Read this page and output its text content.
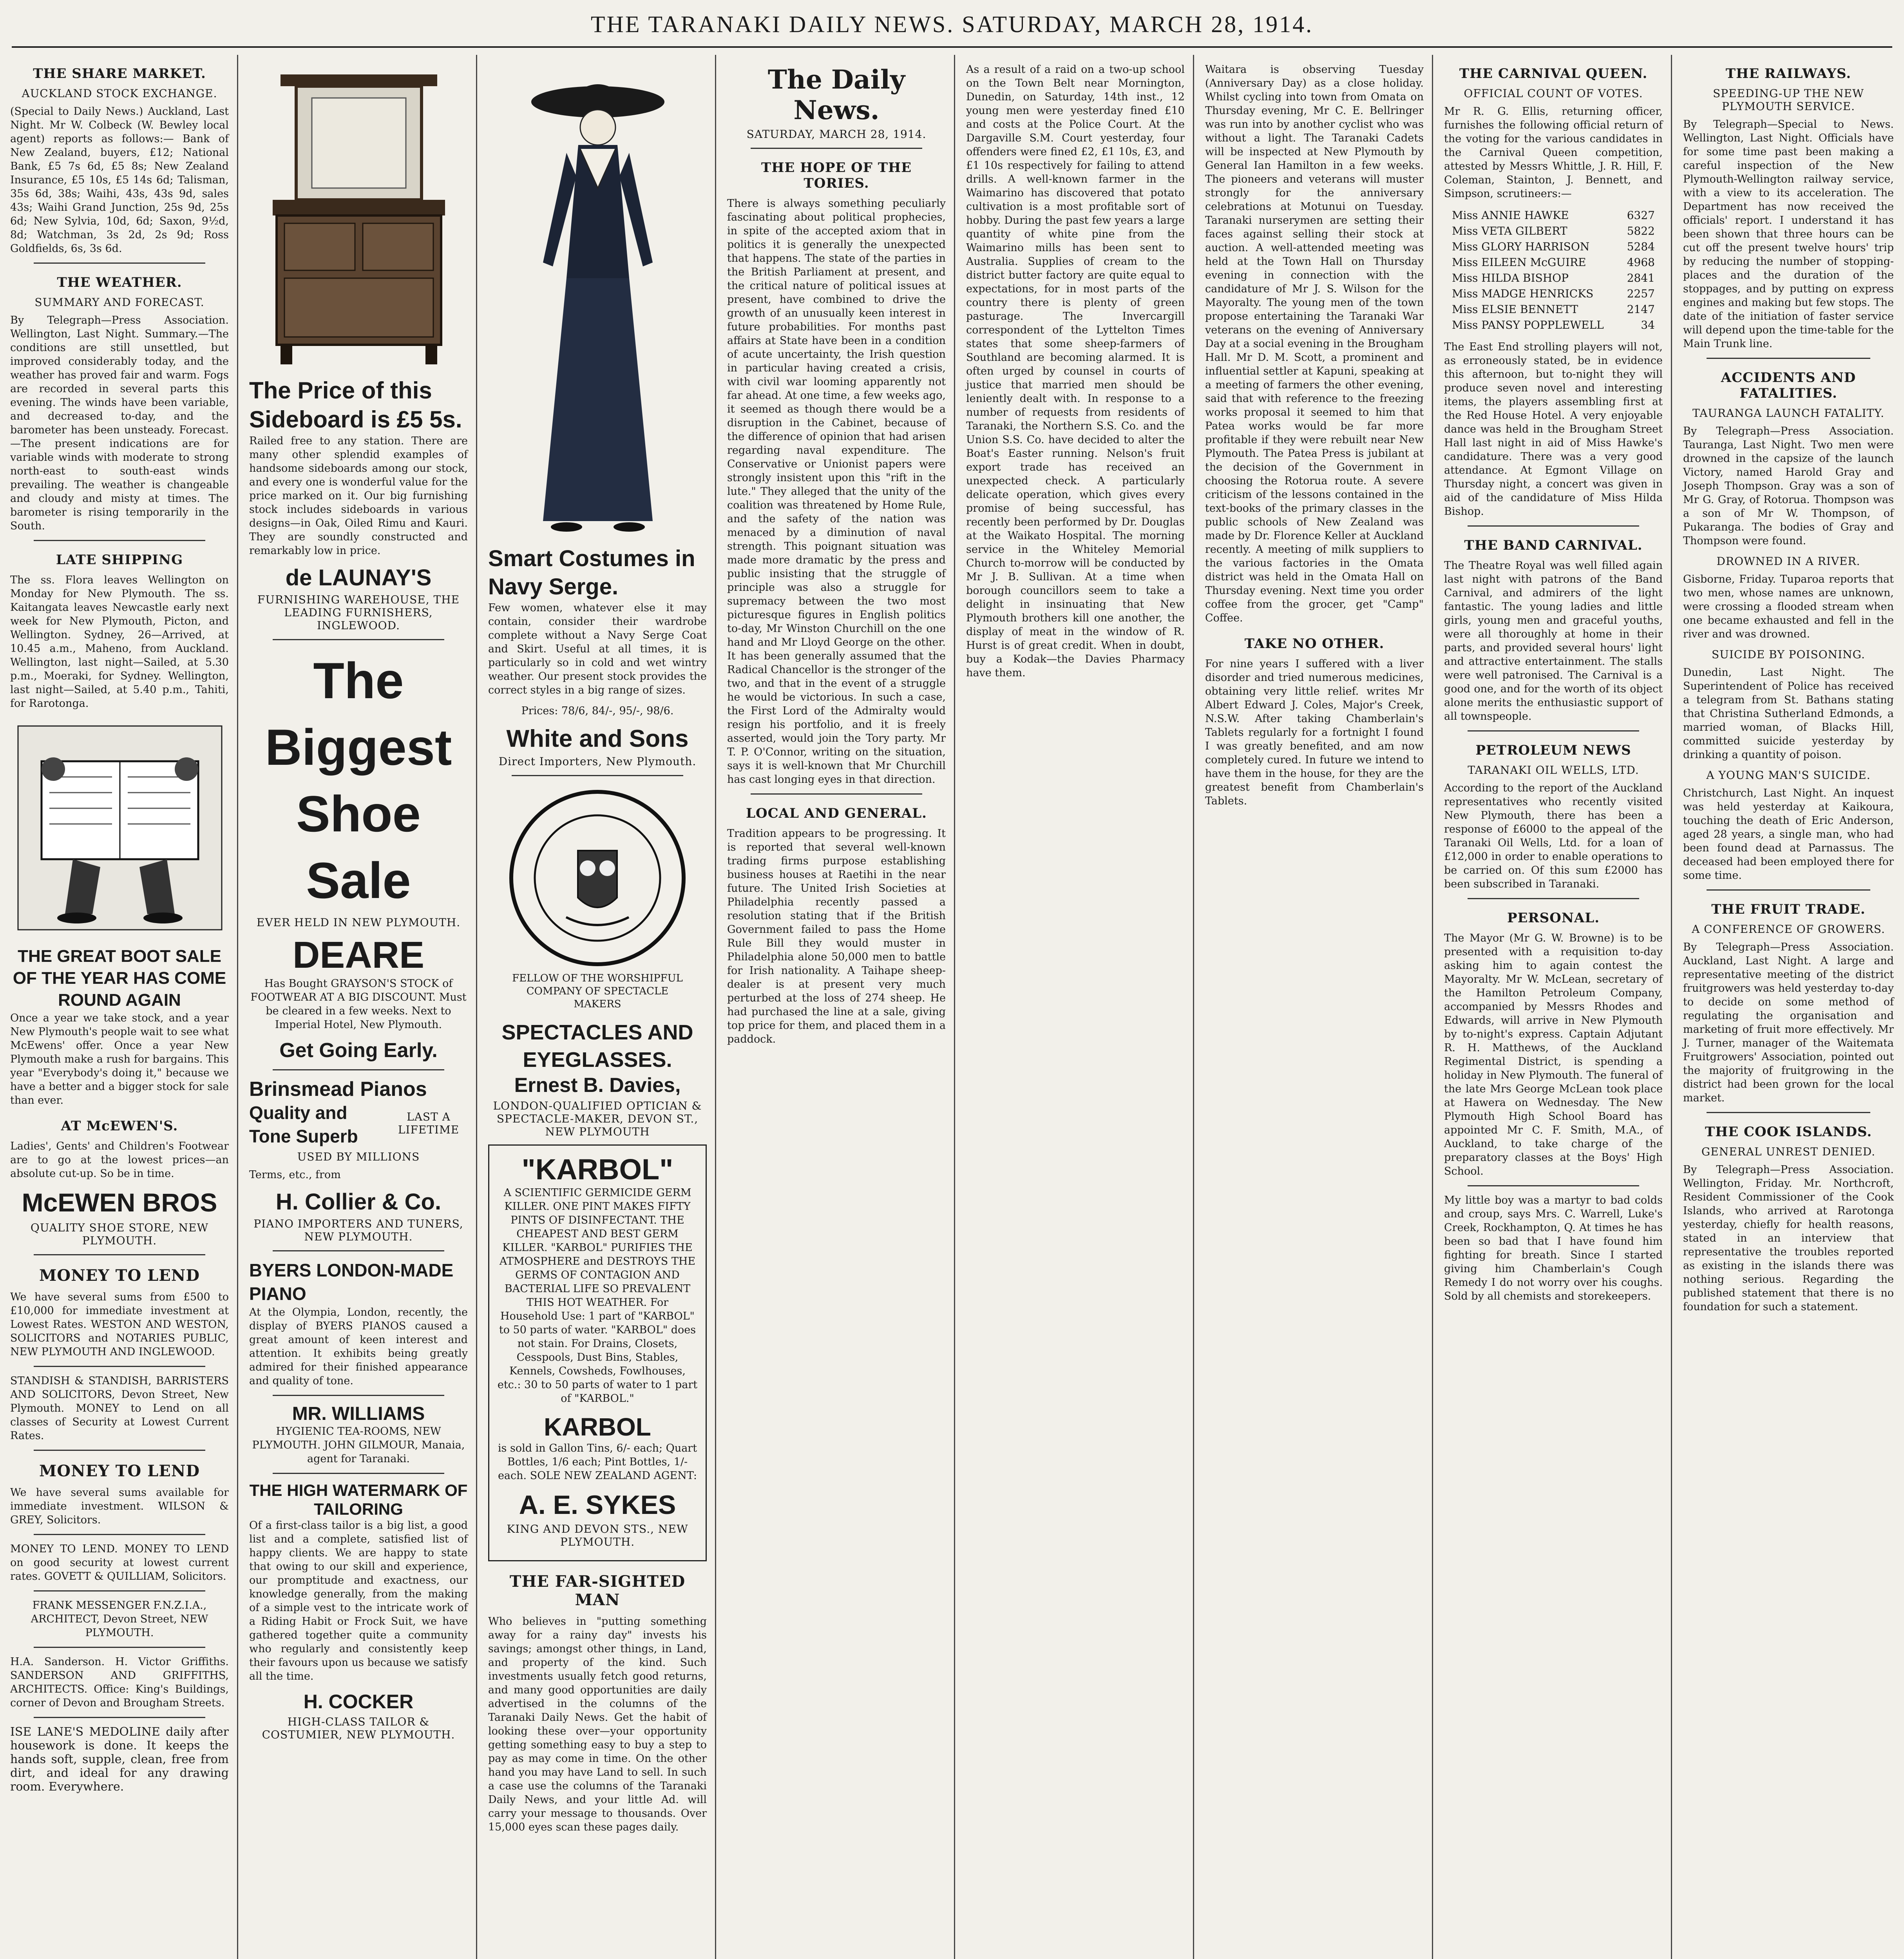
THE TARANAKI DAILY NEWS. SATURDAY, MARCH 28, 1914.
THE SHARE MARKET.
AUCKLAND STOCK EXCHANGE.

(Special to Daily News.) Auckland, Last Night. Mr W. Colbeck (W. Bewley local agent) reports as follows:— Bank of New Zealand, buyers, £12; National Bank, £5 7s 6d, £5 8s; New Zealand Insurance, £5 10s, £5 14s 6d; Talisman, 35s 6d, 38s; Waihi, 43s, 43s 9d, sales 43s; Waihi Grand Junction, 25s 9d, 25s 6d; New Sylvia, 10d, 6d; Saxon, 9½d, 8d; Watchman, 3s 2d, 2s 9d; Ross Goldfields, 6s, 3s 6d.

THE WEATHER.
SUMMARY AND FORECAST.

By Telegraph—Press Association. Wellington, Last Night. Summary.—The conditions are still unsettled, but improved considerably today, and the weather has proved fair and warm. Fogs are recorded in several parts this evening. The winds have been variable, and decreased to-day, and the barometer has been unsteady. Forecast.—The present indications are for variable winds with moderate to strong north-east to south-east winds prevailing. The weather is changeable and cloudy and misty at times. The barometer is rising temporarily in the South.

LATE SHIPPING

The ss. Flora leaves Wellington on Monday for New Plymouth. The ss. Kaitangata leaves Newcastle early next week for New Plymouth, Picton, and Wellington. Sydney, 26—Arrived, at 10.45 a.m., Maheno, from Auckland. Wellington, last night—Sailed, at 5.30 p.m., Moeraki, for Sydney. Wellington, last night—Sailed, at 5.40 p.m., Tahiti, for Rarotonga.

THE GREAT BOOT SALE OF THE YEAR HAS COME ROUND AGAIN

Once a year we take stock, and a year New Plymouth's people wait to see what McEwens' offer. Once a year New Plymouth make a rush for bargains. This year "Everybody's doing it," because we have a better and a bigger stock for sale than ever.

AT McEWEN'S.

Ladies', Gents' and Children's Footwear are to go at the lowest prices—an absolute cut-up. So be in time.

McEWEN BROS
QUALITY SHOE STORE, NEW PLYMOUTH.
MONEY TO LEND

We have several sums from £500 to £10,000 for immediate investment at Lowest Rates. WESTON AND WESTON, SOLICITORS and NOTARIES PUBLIC, NEW PLYMOUTH AND INGLEWOOD.

STANDISH & STANDISH, BARRISTERS AND SOLICITORS, Devon Street, New Plymouth. MONEY to Lend on all classes of Security at Lowest Current Rates.

MONEY TO LEND

We have several sums available for immediate investment. WILSON & GREY, Solicitors.

MONEY TO LEND. MONEY TO LEND on good security at lowest current rates. GOVETT & QUILLIAM, Solicitors.

FRANK MESSENGER F.N.Z.I.A., ARCHITECT, Devon Street, NEW PLYMOUTH.

H.A. Sanderson. H. Victor Griffiths. SANDERSON AND GRIFFITHS, ARCHITECTS. Office: King's Buildings, corner of Devon and Brougham Streets.

ISE LANE'S MEDOLINE daily after housework is done. It keeps the hands soft, supple, clean, free from dirt, and ideal for any drawing room. Everywhere.

The Price of this Sideboard is £5 5s.

Railed free to any station. There are many other splendid examples of handsome sideboards among our stock, and every one is wonderful value for the price marked on it. Our big furnishing stock includes sideboards in various designs—in Oak, Oiled Rimu and Kauri. They are soundly constructed and remarkably low in price.

de LAUNAY'S
FURNISHING WAREHOUSE, THE LEADING FURNISHERS, INGLEWOOD.
The Biggest Shoe Sale
EVER HELD IN NEW PLYMOUTH.
DEARE

Has Bought GRAYSON'S STOCK of FOOTWEAR AT A BIG DISCOUNT. Must be cleared in a few weeks. Next to Imperial Hotel, New Plymouth.

Get Going Early.
Brinsmead Pianos
Quality and Tone Superb
LAST A LIFETIME
USED BY MILLIONS
Terms, etc., from
H. Collier & Co.
PIANO IMPORTERS AND TUNERS, NEW PLYMOUTH.
BYERS LONDON-MADE PIANO

At the Olympia, London, recently, the display of BYERS PIANOS caused a great amount of keen interest and attention. It exhibits being greatly admired for their finished appearance and quality of tone.

MR. WILLIAMS

HYGIENIC TEA-ROOMS, NEW PLYMOUTH. JOHN GILMOUR, Manaia, agent for Taranaki.

THE HIGH WATERMARK OF TAILORING

Of a first-class tailor is a big list, a good list and a complete, satisfied list of happy clients. We are happy to state that owing to our skill and experience, our promptitude and exactness, our knowledge generally, from the making of a simple vest to the intricate work of a Riding Habit or Frock Suit, we have gathered together quite a community who regularly and consistently keep their favours upon us because we satisfy all the time.

H. COCKER
HIGH-CLASS TAILOR & COSTUMIER, NEW PLYMOUTH.
Smart Costumes in Navy Serge.

Few women, whatever else it may contain, consider their wardrobe complete without a Navy Serge Coat and Skirt. Useful at all times, it is particularly so in cold and wet wintry weather. Our present stock provides the correct styles in a big range of sizes.

Prices: 78/6, 84/-, 95/-, 98/6.

White and Sons
Direct Importers, New Plymouth.
FELLOW OF THE WORSHIPFUL COMPANY OF SPECTACLE MAKERS
SPECTACLES AND EYEGLASSES.
Ernest B. Davies,
LONDON-QUALIFIED OPTICIAN & SPECTACLE-MAKER, DEVON ST., NEW PLYMOUTH
"KARBOL"

A SCIENTIFIC GERMICIDE GERM KILLER. ONE PINT MAKES FIFTY PINTS OF DISINFECTANT. THE CHEAPEST AND BEST GERM KILLER. "KARBOL" PURIFIES THE ATMOSPHERE and DESTROYS THE GERMS OF CONTAGION AND BACTERIAL LIFE SO PREVALENT THIS HOT WEATHER. For Household Use: 1 part of "KARBOL" to 50 parts of water. "KARBOL" does not stain. For Drains, Closets, Cesspools, Dust Bins, Stables, Kennels, Cowsheds, Fowlhouses, etc.: 30 to 50 parts of water to 1 part of "KARBOL."

KARBOL

is sold in Gallon Tins, 6/- each; Quart Bottles, 1/6 each; Pint Bottles, 1/- each. SOLE NEW ZEALAND AGENT:

A. E. SYKES
KING AND DEVON STS., NEW PLYMOUTH.
THE FAR-SIGHTED MAN

Who believes in "putting something away for a rainy day" invests his savings; amongst other things, in Land, and property of the kind. Such investments usually fetch good returns, and many good opportunities are daily advertised in the columns of the Taranaki Daily News. Get the habit of looking these over—your opportunity getting something easy to buy a step to pay as may come in time. On the other hand you may have Land to sell. In such a case use the columns of the Taranaki Daily News, and your little Ad. will carry your message to thousands. Over 15,000 eyes scan these pages daily.

The Daily News.
SATURDAY, MARCH 28, 1914.
THE HOPE OF THE TORIES.

There is always something peculiarly fascinating about political prophecies, in spite of the accepted axiom that in politics it is generally the unexpected that happens. The state of the parties in the British Parliament at present, and the critical nature of political issues at present, have combined to drive the growth of an unusually keen interest in future probabilities. For months past affairs at State have been in a condition of acute uncertainty, the Irish question in particular having created a crisis, with civil war looming apparently not far ahead. At one time, a few weeks ago, it seemed as though there would be a disruption in the Cabinet, because of the difference of opinion that had arisen regarding naval expenditure. The Conservative or Unionist papers were strongly insistent upon this "rift in the lute." They alleged that the unity of the coalition was threatened by Home Rule, and the safety of the nation was menaced by a diminution of naval strength. This poignant situation was made more dramatic by the press and public insisting that the struggle of principle was also a struggle for supremacy between the two most picturesque figures in English politics to-day, Mr Winston Churchill on the one hand and Mr Lloyd George on the other. It has been generally assumed that the Radical Chancellor is the stronger of the two, and that in the event of a struggle he would be victorious. In such a case, the First Lord of the Admiralty would resign his portfolio, and it is freely asserted, would join the Tory party. Mr T. P. O'Connor, writing on the situation, says it is well-known that Mr Churchill has cast longing eyes in that direction.

LOCAL AND GENERAL.

Tradition appears to be progressing. It is reported that several well-known trading firms purpose establishing business houses at Raetihi in the near future. The United Irish Societies at Philadelphia recently passed a resolution stating that if the British Government failed to pass the Home Rule Bill they would muster in Philadelphia alone 50,000 men to battle for Irish nationality. A Taihape sheep-dealer is at present very much perturbed at the loss of 274 sheep. He had purchased the line at a sale, giving top price for them, and placed them in a paddock.

As a result of a raid on a two-up school on the Town Belt near Mornington, Dunedin, on Saturday, 14th inst., 12 young men were yesterday fined £10 and costs at the Police Court. At the Dargaville S.M. Court yesterday, four offenders were fined £2, £1 10s, £3, and £1 10s respectively for failing to attend drills. A well-known farmer in the Waimarino has discovered that potato cultivation is a most profitable sort of hobby. During the past few years a large quantity of white pine from the Waimarino mills has been sent to Australia. Supplies of cream to the district butter factory are quite equal to expectations, for in most parts of the country there is plenty of green pasturage. The Invercargill correspondent of the Lyttelton Times states that some sheep-farmers of Southland are becoming alarmed. It is often urged by counsel in courts of justice that married men should be leniently dealt with. In response to a number of requests from residents of Taranaki, the Northern S.S. Co. and the Union S.S. Co. have decided to alter the Boat's Easter running. Nelson's fruit export trade has received an unexpected check. A particularly delicate operation, which gives every promise of being successful, has recently been performed by Dr. Douglas at the Waikato Hospital. The morning service in the Whiteley Memorial Church to-morrow will be conducted by Mr J. B. Sullivan. At a time when borough councillors seem to take a delight in insinuating that New Plymouth brothers kill one another, the display of meat in the window of R. Hurst is of great credit. When in doubt, buy a Kodak—the Davies Pharmacy have them.

Waitara is observing Tuesday (Anniversary Day) as a close holiday. Whilst cycling into town from Omata on Thursday evening, Mr C. E. Bellringer was run into by another cyclist who was without a light. The Taranaki Cadets will be inspected at New Plymouth by General Ian Hamilton in a few weeks. The pioneers and veterans will muster strongly for the anniversary celebrations at Motunui on Tuesday. Taranaki nurserymen are setting their faces against selling their stock at auction. A well-attended meeting was held at the Town Hall on Thursday evening in connection with the candidature of Mr J. S. Wilson for the Mayoralty. The young men of the town propose entertaining the Taranaki War veterans on the evening of Anniversary Day at a social evening in the Brougham Hall. Mr D. M. Scott, a prominent and influential settler at Kapuni, speaking at a meeting of farmers the other evening, said that with reference to the freezing works proposal it seemed to him that Patea works would be far more profitable if they were rebuilt near New Plymouth. The Patea Press is jubilant at the decision of the Government in choosing the Rotorua route. A severe criticism of the lessons contained in the text-books of the primary classes in the public schools of New Zealand was made by Dr. Florence Keller at Auckland recently. A meeting of milk suppliers to the various factories in the Omata district was held in the Omata Hall on Thursday evening. Next time you order coffee from the grocer, get "Camp" Coffee.

TAKE NO OTHER.

For nine years I suffered with a liver disorder and tried numerous medicines, obtaining very little relief. writes Mr Albert Edward J. Coles, Major's Creek, N.S.W. After taking Chamberlain's Tablets regularly for a fortnight I found I was greatly benefited, and am now completely cured. In future we intend to have them in the house, for they are the greatest benefit from Chamberlain's Tablets.

THE CARNIVAL QUEEN.
OFFICIAL COUNT OF VOTES.

Mr R. G. Ellis, returning officer, furnishes the following official return of the voting for the various candidates in the Carnival Queen competition, attested by Messrs Whittle, J. R. Hill, F. Coleman, Stainton, J. Bennett, and Simpson, scrutineers:—

Miss ANNIE HAWKE	6327
Miss VETA GILBERT	5822
Miss GLORY HARRISON	5284
Miss EILEEN McGUIRE	4968
Miss HILDA BISHOP	2841
Miss MADGE HENRICKS	2257
Miss ELSIE BENNETT	2147
Miss PANSY POPPLEWELL	34

The East End strolling players will not, as erroneously stated, be in evidence this afternoon, but to-night they will produce seven novel and interesting items, the players assembling first at the Red House Hotel. A very enjoyable dance was held in the Brougham Street Hall last night in aid of Miss Hawke's candidature. There was a very good attendance. At Egmont Village on Thursday night, a concert was given in aid of the candidature of Miss Hilda Bishop.

THE BAND CARNIVAL.

The Theatre Royal was well filled again last night with patrons of the Band Carnival, and admirers of the light fantastic. The young ladies and little girls, young men and graceful youths, were all thoroughly at home in their parts, and provided several hours' light and attractive entertainment. The stalls were well patronised. The Carnival is a good one, and for the worth of its object alone merits the enthusiastic support of all townspeople.

PETROLEUM NEWS
TARANAKI OIL WELLS, LTD.

According to the report of the Auckland representatives who recently visited New Plymouth, there has been a response of £6000 to the appeal of the Taranaki Oil Wells, Ltd. for a loan of £12,000 in order to enable operations to be carried on. Of this sum £2000 has been subscribed in Taranaki.

PERSONAL.

The Mayor (Mr G. W. Browne) is to be presented with a requisition to-day asking him to again contest the Mayoralty. Mr W. McLean, secretary of the Hamilton Petroleum Company, accompanied by Messrs Rhodes and Edwards, will arrive in New Plymouth by to-night's express. Captain Adjutant R. H. Matthews, of the Auckland Regimental District, is spending a holiday in New Plymouth. The funeral of the late Mrs George McLean took place at Hawera on Wednesday. The New Plymouth High School Board has appointed Mr C. F. Smith, M.A., of Auckland, to take charge of the preparatory classes at the Boys' High School.

My little boy was a martyr to bad colds and croup, says Mrs. C. Warrell, Luke's Creek, Rockhampton, Q. At times he has been so bad that I have found him fighting for breath. Since I started giving him Chamberlain's Cough Remedy I do not worry over his coughs. Sold by all chemists and storekeepers.

THE RAILWAYS.
SPEEDING-UP THE NEW PLYMOUTH SERVICE.

By Telegraph—Special to News. Wellington, Last Night. Officials have for some time past been making a careful inspection of the New Plymouth-Wellington railway service, with a view to its acceleration. The Department has now received the officials' report. I understand it has been shown that three hours can be cut off the present twelve hours' trip by reducing the number of stopping-places and the duration of the stoppages, and by putting on express engines and making but few stops. The date of the initiation of faster service will depend upon the time-table for the Main Trunk line.

ACCIDENTS AND FATALITIES.
TAURANGA LAUNCH FATALITY.

By Telegraph—Press Association. Tauranga, Last Night. Two men were drowned in the capsize of the launch Victory, named Harold Gray and Joseph Thompson. Gray was a son of Mr G. Gray, of Rotorua. Thompson was a son of Mr W. Thompson, of Pukaranga. The bodies of Gray and Thompson were found.

DROWNED IN A RIVER.

Gisborne, Friday. Tuparoa reports that two men, whose names are unknown, were crossing a flooded stream when one became exhausted and fell in the river and was drowned.

SUICIDE BY POISONING.

Dunedin, Last Night. The Superintendent of Police has received a telegram from St. Bathans stating that Christina Sutherland Edmonds, a married woman, of Blacks Hill, committed suicide yesterday by drinking a quantity of poison.

A YOUNG MAN'S SUICIDE.

Christchurch, Last Night. An inquest was held yesterday at Kaikoura, touching the death of Eric Anderson, aged 28 years, a single man, who had been found dead at Parnassus. The deceased had been employed there for some time.

THE FRUIT TRADE.
A CONFERENCE OF GROWERS.

By Telegraph—Press Association. Auckland, Last Night. A large and representative meeting of the district fruitgrowers was held yesterday to-day to decide on some method of regulating the organisation and marketing of fruit more effectively. Mr J. Turner, manager of the Waitemata Fruitgrowers' Association, pointed out the majority of fruitgrowing in the district had been grown for the local market.

THE COOK ISLANDS.
GENERAL UNREST DENIED.

By Telegraph—Press Association. Wellington, Friday. Mr. Northcroft, Resident Commissioner of the Cook Islands, who arrived at Rarotonga yesterday, chiefly for health reasons, stated in an interview that representative the troubles reported as existing in the islands there was nothing serious. Regarding the published statement that there is no foundation for such a statement.
